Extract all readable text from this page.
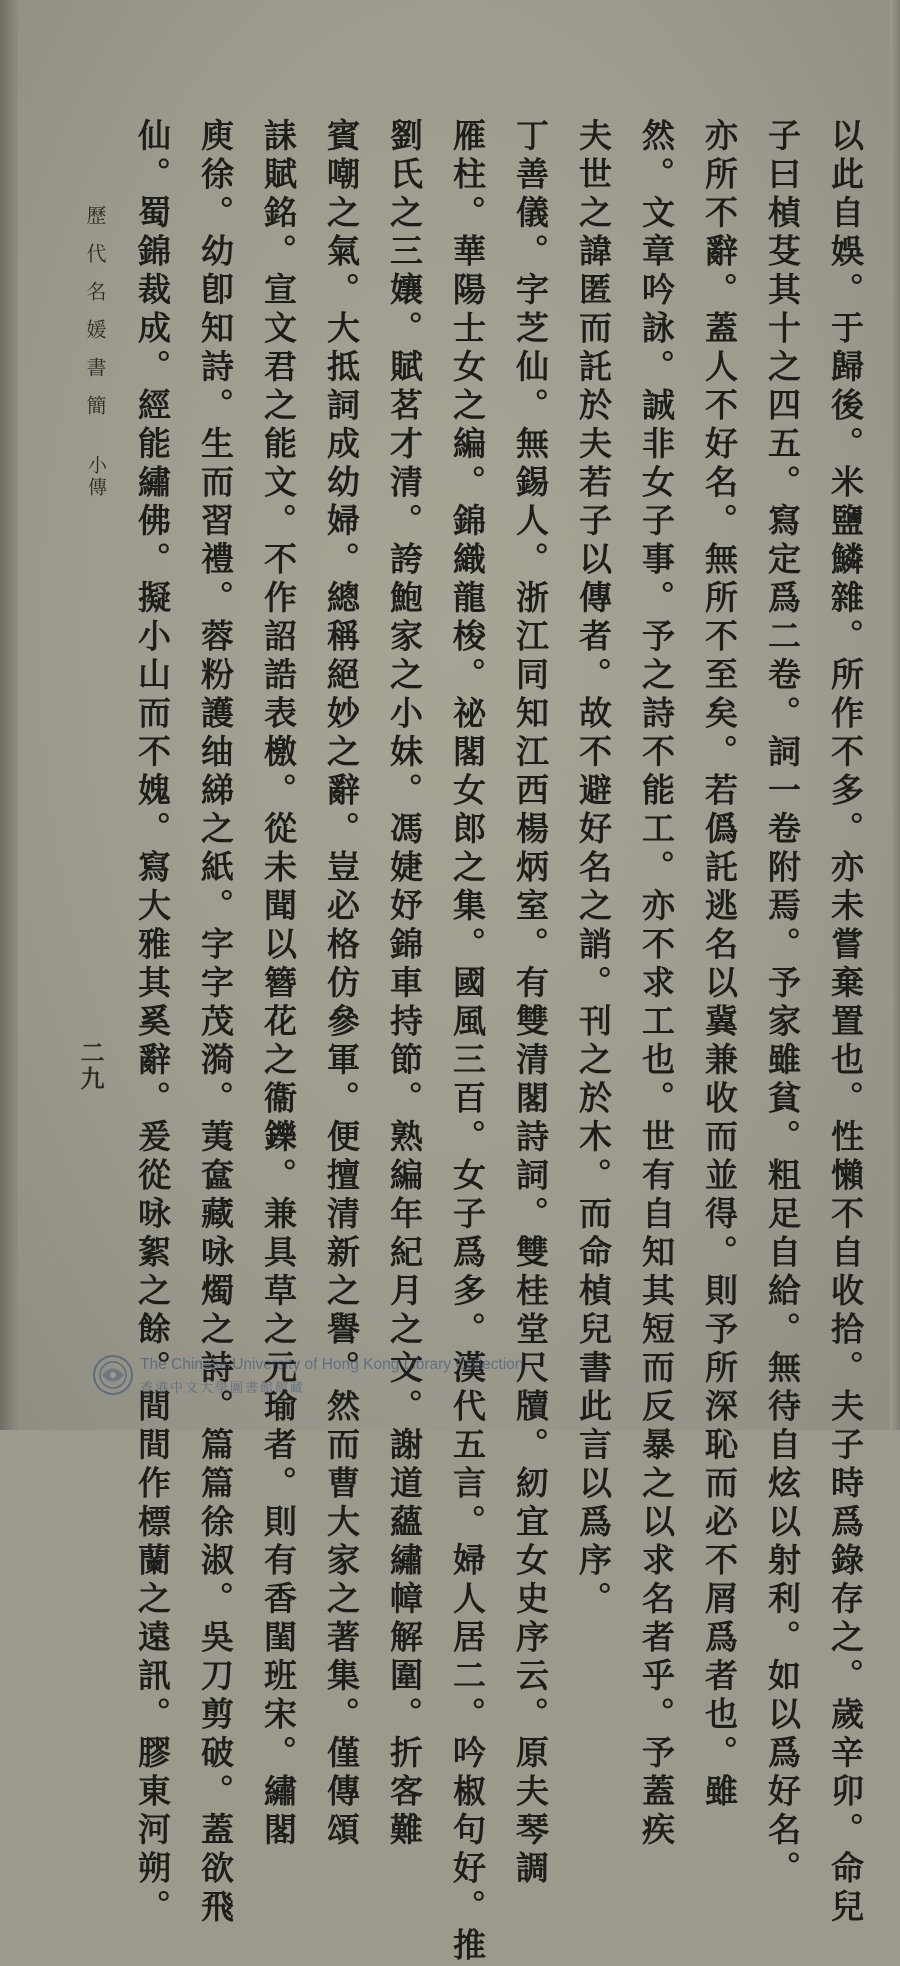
以此自娛。于歸後。米鹽鱗雜。所作不多。亦未嘗棄置也。性懶不自收拾。夫子時爲錄存之。歲辛卯。命兒
子曰楨芟其十之四五。寫定爲二卷。詞一卷附焉。予家雖貧。粗足自給。無待自炫以射利。如以爲好名。
亦所不辭。蓋人不好名。無所不至矣。若僞託逃名以冀兼收而並得。則予所深恥而必不屑爲者也。雖
然。文章吟詠。誠非女子事。予之詩不能工。亦不求工也。世有自知其短而反暴之以求名者乎。予蓋疾
夫世之諱匿而託於夫若子以傳者。故不避好名之誚。刊之於木。而命楨兒書此言以爲序。
丁善儀。字芝仙。無錫人。浙江同知江西楊炳室。有雙清閣詩詞。雙桂堂尺牘。紉宜女史序云。原夫琴調
雁柱。華陽士女之編。錦織龍梭。祕閣女郎之集。國風三百。女子爲多。漢代五言。婦人居二。吟椒句好。推
劉氏之三孃。賦茗才清。誇鮑家之小妹。馮婕妤錦車持節。熟編年紀月之文。謝道蘊繡幛解圍。折客難
賓嘲之氣。大抵詞成幼婦。總稱絕妙之辭。豈必格仿參軍。便擅清新之譽。然而曹大家之著集。僅傳頌
誄賦銘。宣文君之能文。不作詔誥表檄。從未聞以簪花之衞鑠。兼具草之元瑜者。則有香閨班宋。繡閣
庾徐。幼卽知詩。生而習禮。蓉粉護䌷綈之紙。字字茂漪。荑奩藏咏燭之詩。篇篇徐淑。吳刀剪破。蓋欲飛
仙。蜀錦裁成。經能繡佛。擬小山而不媿。寫大雅其奚辭。爰從咏絮之餘。間間作標蘭之遠訊。膠東河朔。
歷代名媛書簡
小傳
二九
The Chinese University of Hong Kong Library Collection
香港中文大學圖書館館藏
